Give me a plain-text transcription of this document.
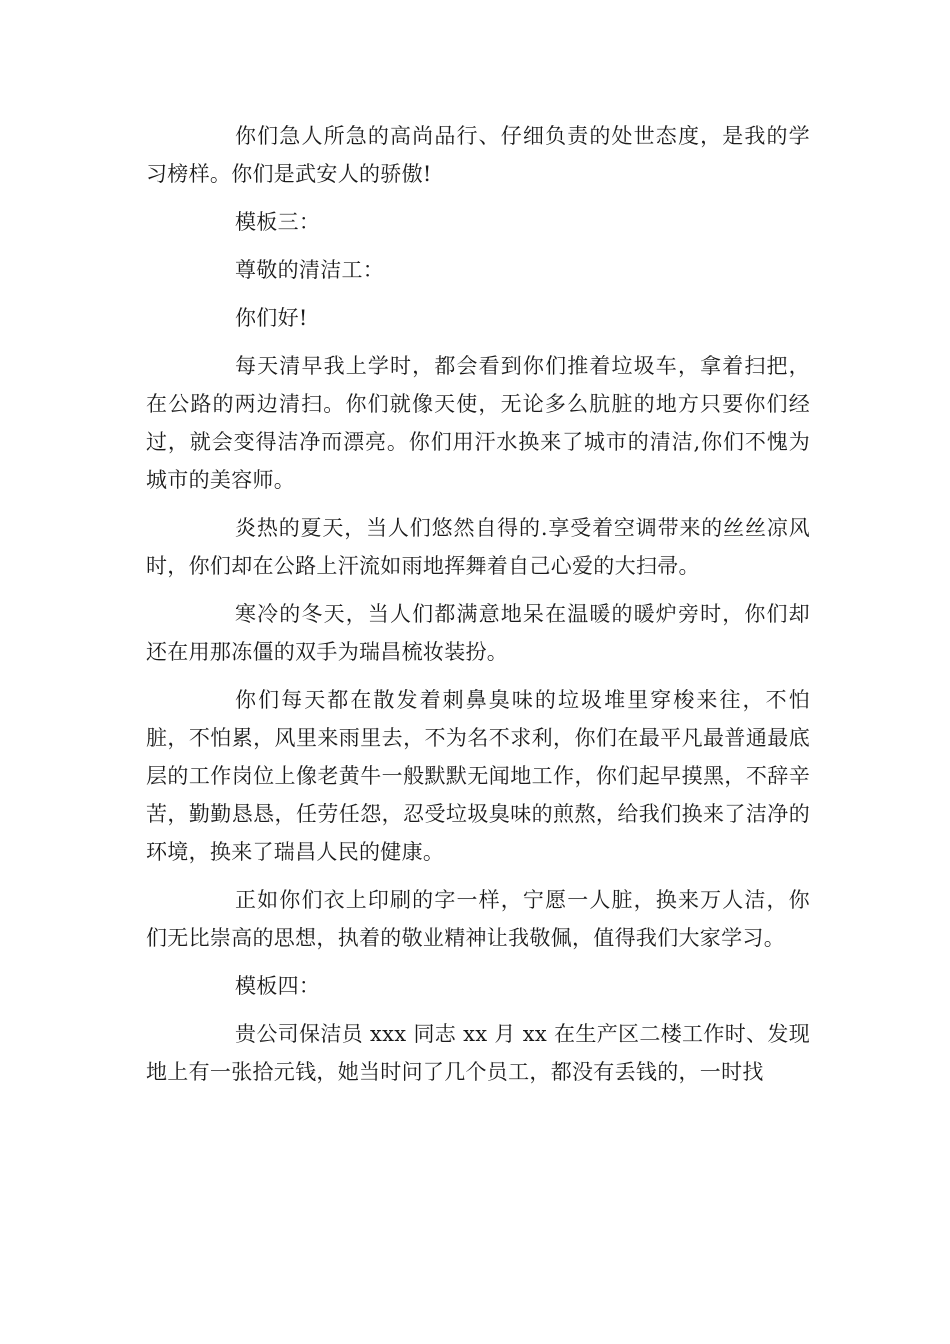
你们急人所急的高尚品行、仔细负责的处世态度，是我的学习榜样。你们是武安人的骄傲!

模板三：

尊敬的清洁工：

你们好!

每天清早我上学时，都会看到你们推着垃圾车，拿着扫把，在公路的两边清扫。你们就像天使，无论多么肮脏的地方只要你们经过，就会变得洁净而漂亮。你们用汗水换来了城市的清洁,你们不愧为城市的美容师。

炎热的夏天，当人们悠然自得的.享受着空调带来的丝丝凉风时，你们却在公路上汗流如雨地挥舞着自己心爱的大扫帚。

寒冷的冬天，当人们都满意地呆在温暖的暖炉旁时，你们却还在用那冻僵的双手为瑞昌梳妆装扮。

你们每天都在散发着刺鼻臭味的垃圾堆里穿梭来往，不怕脏，不怕累，风里来雨里去，不为名不求利，你们在最平凡最普通最底层的工作岗位上像老黄牛一般默默无闻地工作，你们起早摸黑，不辞辛苦，勤勤恳恳，任劳任怨，忍受垃圾臭味的煎熬，给我们换来了洁净的环境，换来了瑞昌人民的健康。

正如你们衣上印刷的字一样，宁愿一人脏，换来万人洁，你们无比崇高的思想，执着的敬业精神让我敬佩，值得我们大家学习。

模板四：

贵公司保洁员 xxx 同志 xx 月 xx 在生产区二楼工作时、发现地上有一张拾元钱，她当时问了几个员工，都没有丢钱的，一时找
